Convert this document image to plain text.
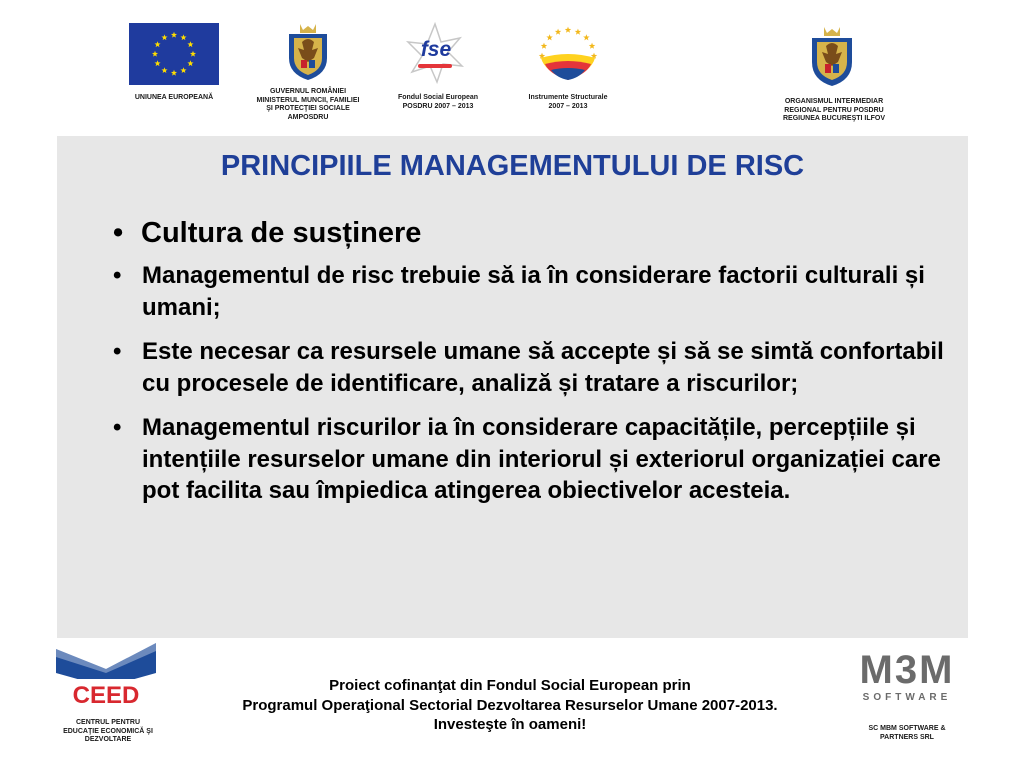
UNIUNEA EUROPEANĂ
GUVERNUL ROMÂNIEI
MINISTERUL MUNCII, FAMILIEI
ŞI PROTECŢIEI SOCIALE
AMPOSDRU
fse
Fondul Social European
POSDRU 2007 – 2013
Instrumente Structurale
2007 – 2013
ORGANISMUL INTERMEDIAR
REGIONAL PENTRU POSDRU
REGIUNEA BUCUREŞTI ILFOV
PRINCIPIILE MANAGEMENTULUI DE RISC
• Cultura de susținere
• Managementul de risc trebuie să ia în considerare factorii culturali și umani;
• Este necesar ca resursele umane să accepte și să se simtă confortabil cu procesele de identificare, analiză și tratare a riscurilor;
• Managementul riscurilor ia în considerare capacitățile, percepțiile și intențiile resurselor umane din interiorul și exteriorul organizației care pot facilita sau împiedica atingerea obiectivelor acesteia.
CEED
CENTRUL PENTRU
EDUCAŢIE ECONOMICĂ ŞI
DEZVOLTARE
Proiect cofinanţat din Fondul Social European prin
Programul Operaţional Sectorial Dezvoltarea Resurselor Umane 2007-2013.
Investeşte în oameni!
M3M
SOFTWARE
SC MBM SOFTWARE &
PARTNERS SRL
